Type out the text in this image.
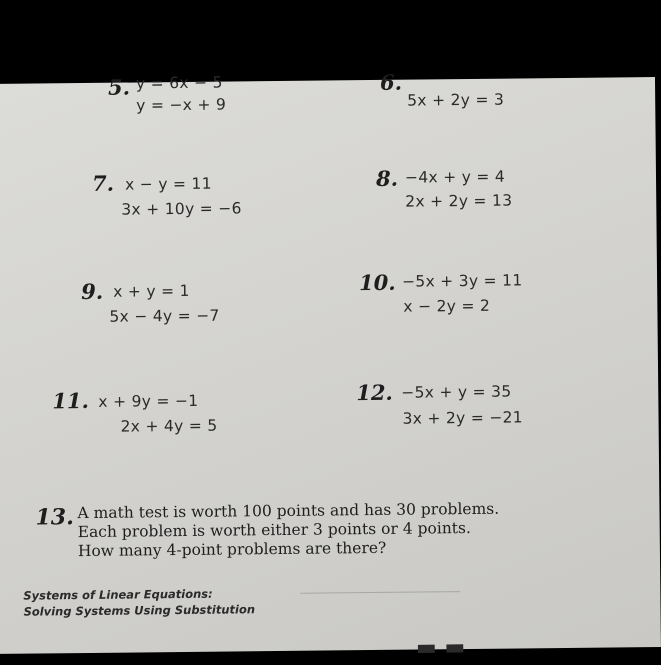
5. y = 6x − 5
y = −x + 9
6.
5x + 2y = 3
7. x − y = 11
3x + 10y = −6
8. −4x + y = 4
2x + 2y = 13
9. x + y = 1
5x − 4y = −7
10. −5x + 3y = 11
x − 2y = 2
11. x + 9y = −1
2x + 4y = 5
12. −5x + y = 35
3x + 2y = −21
13. A math test is worth 100 points and has 30 problems.
Each problem is worth either 3 points or 4 points.
How many 4-point problems are there?
Systems of Linear Equations:
Solving Systems Using Substitution
▬ ▬
